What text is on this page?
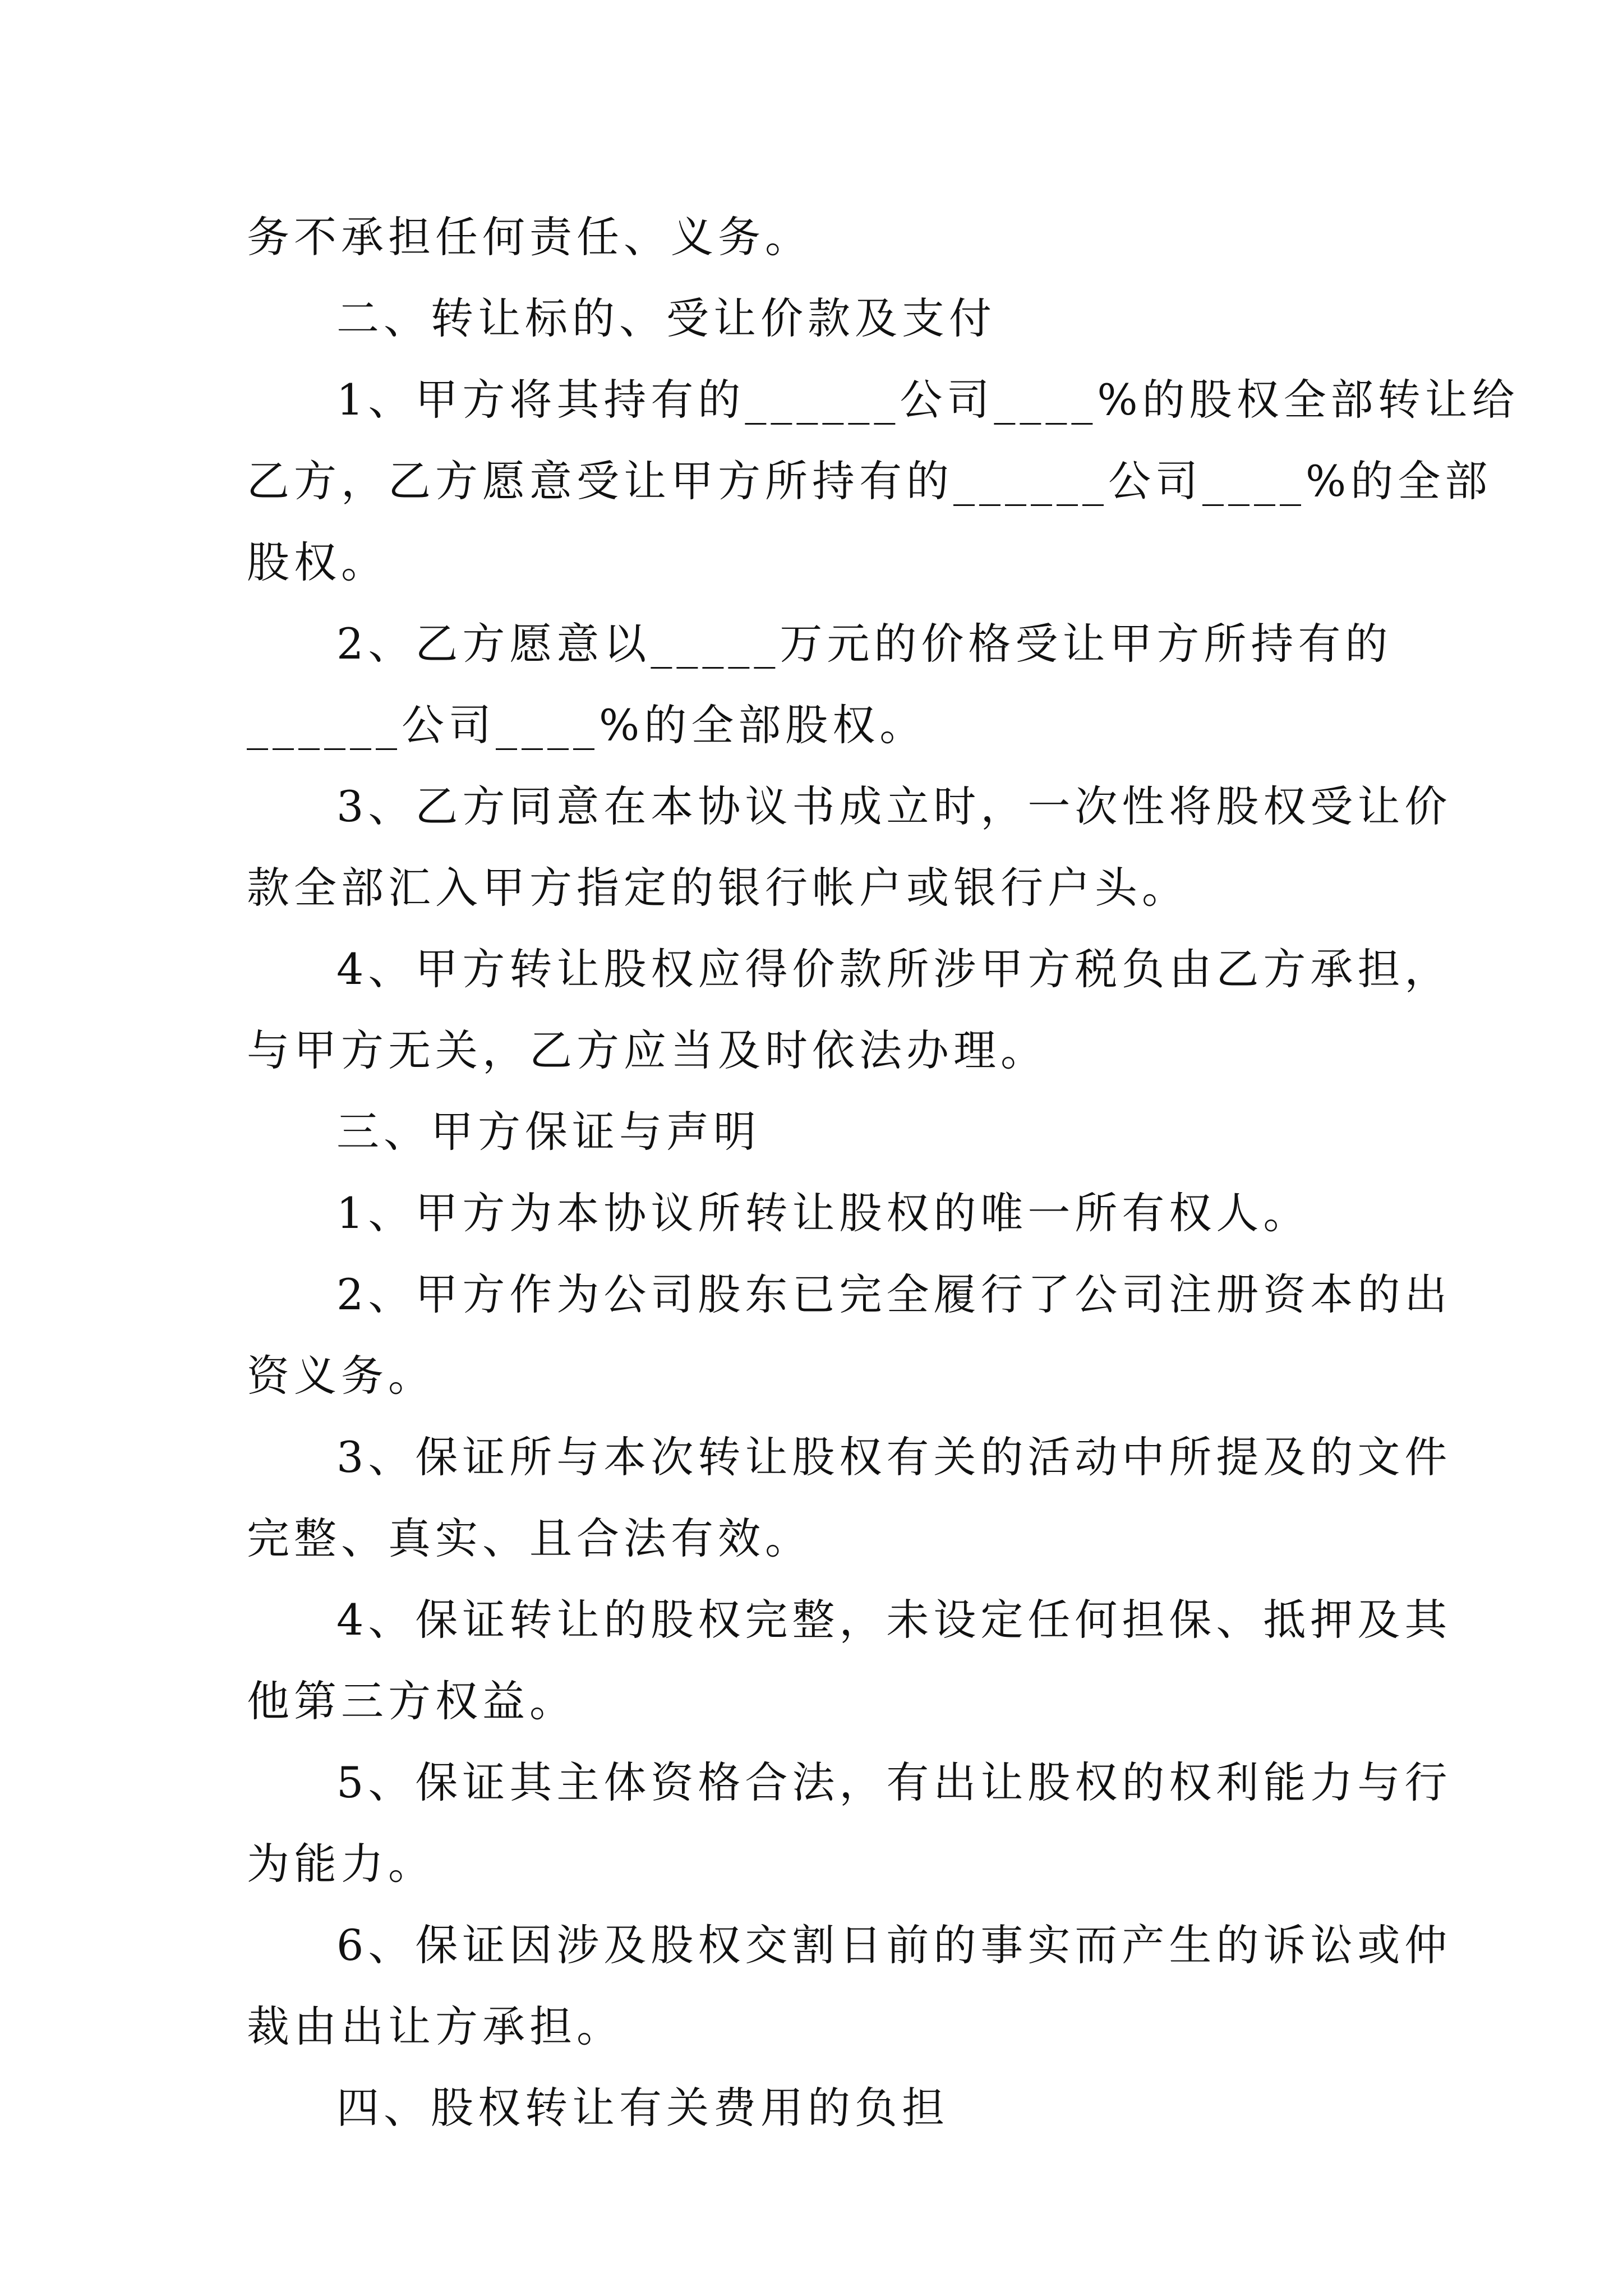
务不承担任何责任、义务。
二、转让标的、受让价款及支付
1、甲方将其持有的______公司____%的股权全部转让给
乙方，乙方愿意受让甲方所持有的______公司____%的全部
股权。
2、乙方愿意以_____万元的价格受让甲方所持有的
______公司____%的全部股权。
3、乙方同意在本协议书成立时，一次性将股权受让价
款全部汇入甲方指定的银行帐户或银行户头。
4、甲方转让股权应得价款所涉甲方税负由乙方承担，
与甲方无关，乙方应当及时依法办理。
三、甲方保证与声明
1、甲方为本协议所转让股权的唯一所有权人。
2、甲方作为公司股东已完全履行了公司注册资本的出
资义务。
3、保证所与本次转让股权有关的活动中所提及的文件
完整、真实、且合法有效。
4、保证转让的股权完整，未设定任何担保、抵押及其
他第三方权益。
5、保证其主体资格合法，有出让股权的权利能力与行
为能力。
6、保证因涉及股权交割日前的事实而产生的诉讼或仲
裁由出让方承担。
四、股权转让有关费用的负担
